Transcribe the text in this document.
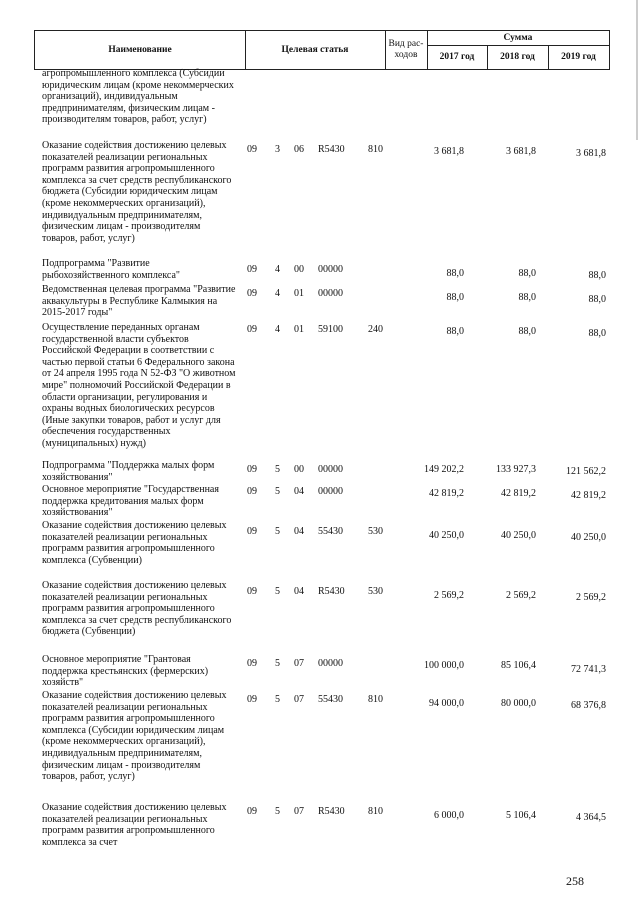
Наименование	Целевая статья
Вид рас-ходов
Сумма
2017 год	2018 год	2019 год
агропромышленного комплекса (Субсидии юридическим лицам (кроме некоммерческих организаций), индивидуальным предпринимателям, физическим лицам - производителям товаров, работ, услуг)
Оказание содействия достижению целевых показателей реализации региональных программ развития агропромышленного комплекса за счет средств республиканского бюджета (Субсидии юридическим лицам (кроме некоммерческих организаций), индивидуальным предпринимателям, физическим лицам - производителям товаров, работ, услуг)
09 3 06 R5430 810	3 681,8	3 681,8	3 681,8
Подпрограмма "Развитие рыбохозяйственного комплекса"
09 4 00 00000	88,0	88,0	88,0
Ведомственная целевая программа "Развитие аквакультуры в Республике Калмыкия на 2015-2017 годы"
09 4 01 00000	88,0	88,0	88,0
Осуществление переданных органам государственной власти субъектов Российской Федерации в соответствии с частью первой статьи 6 Федерального закона от 24 апреля 1995 года N 52-ФЗ "О животном мире" полномочий Российской Федерации в области организации, регулирования и охраны водных биологических ресурсов (Иные закупки товаров, работ и услуг для обеспечения государственных (муниципальных) нужд)
09 4 01 59100	240	88,0	88,0	88,0
Подпрограмма "Поддержка малых форм хозяйствования"
09 5 00 00000	149 202,2	133 927,3	121 562,2
Основное мероприятие "Государственная поддержка кредитования малых форм хозяйствования"
09 5 04 00000	42 819,2	42 819,2	42 819,2
Оказание содействия достижению целевых показателей реализации региональных программ развития агропромышленного комплекса (Субвенции)
09 5 04 55430	530	40 250,0	40 250,0	40 250,0
Оказание содействия достижению целевых показателей реализации региональных программ развития агропромышленного комплекса за счет средств республиканского бюджета (Субвенции)
09 5 04 R5430 530	2 569,2	2 569,2	2 569,2
Основное мероприятие "Грантовая поддержка крестьянских (фермерских) хозяйств"
09 5 07 00000	100 000,0	85 106,4	72 741,3
Оказание содействия достижению целевых показателей реализации региональных программ развития агропромышленного комплекса (Субсидии юридическим лицам (кроме некоммерческих организаций), индивидуальным предпринимателям, физическим лицам - производителям товаров, работ, услуг)
09 5 07 55430	810	94 000,0	80 000,0	68 376,8
Оказание содействия достижению целевых показателей реализации региональных программ развития агропромышленного комплекса за счет
09 5 07 R5430 810	6 000,0	5 106,4	4 364,5
258
